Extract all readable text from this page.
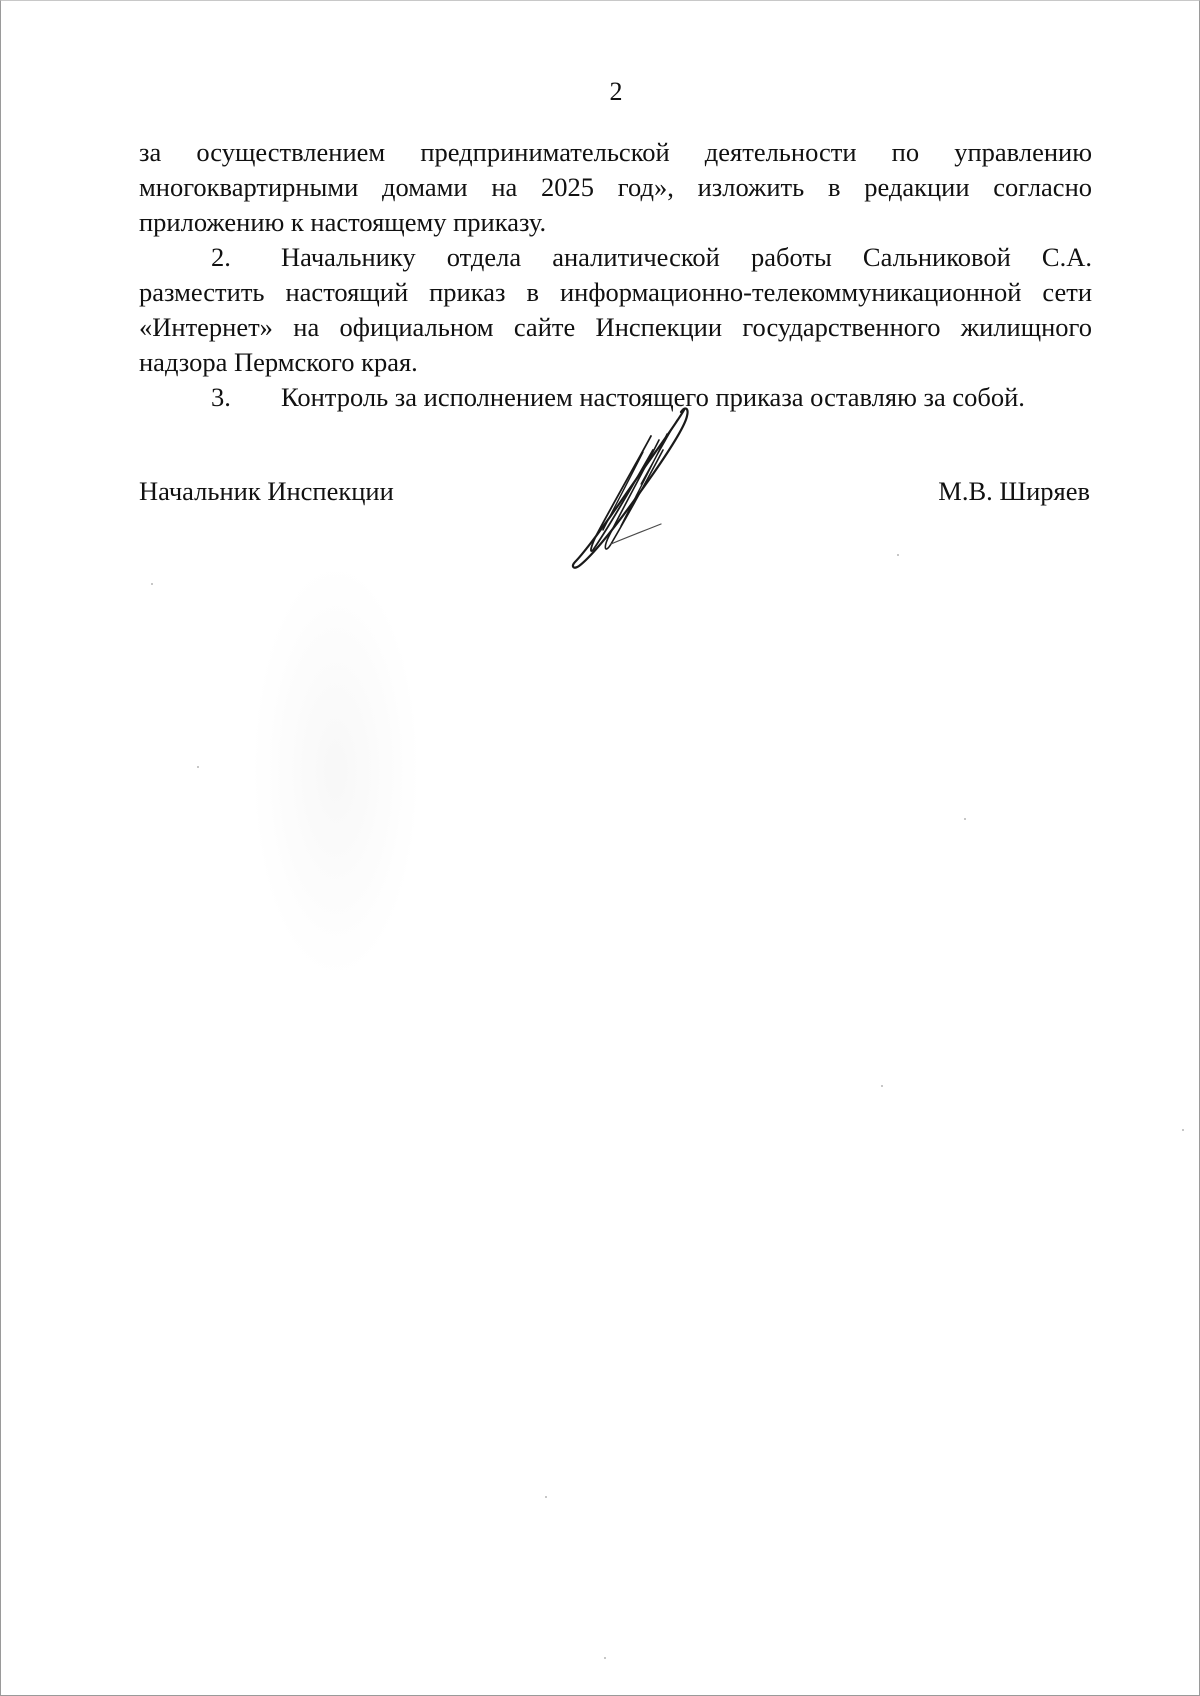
2

за осуществлением предпринимательской деятельности по управлению многоквартирными домами на 2025 год», изложить в редакции согласно приложению к настоящему приказу.

2. Начальнику отдела аналитической работы Сальниковой С.А. разместить настоящий приказ в информационно-телекоммуникационной сети «Интернет» на официальном сайте Инспекции государственного жилищного надзора Пермского края.

3. Контроль за исполнением настоящего приказа оставляю за собой.

Начальник Инспекции	М.В. Ширяев
